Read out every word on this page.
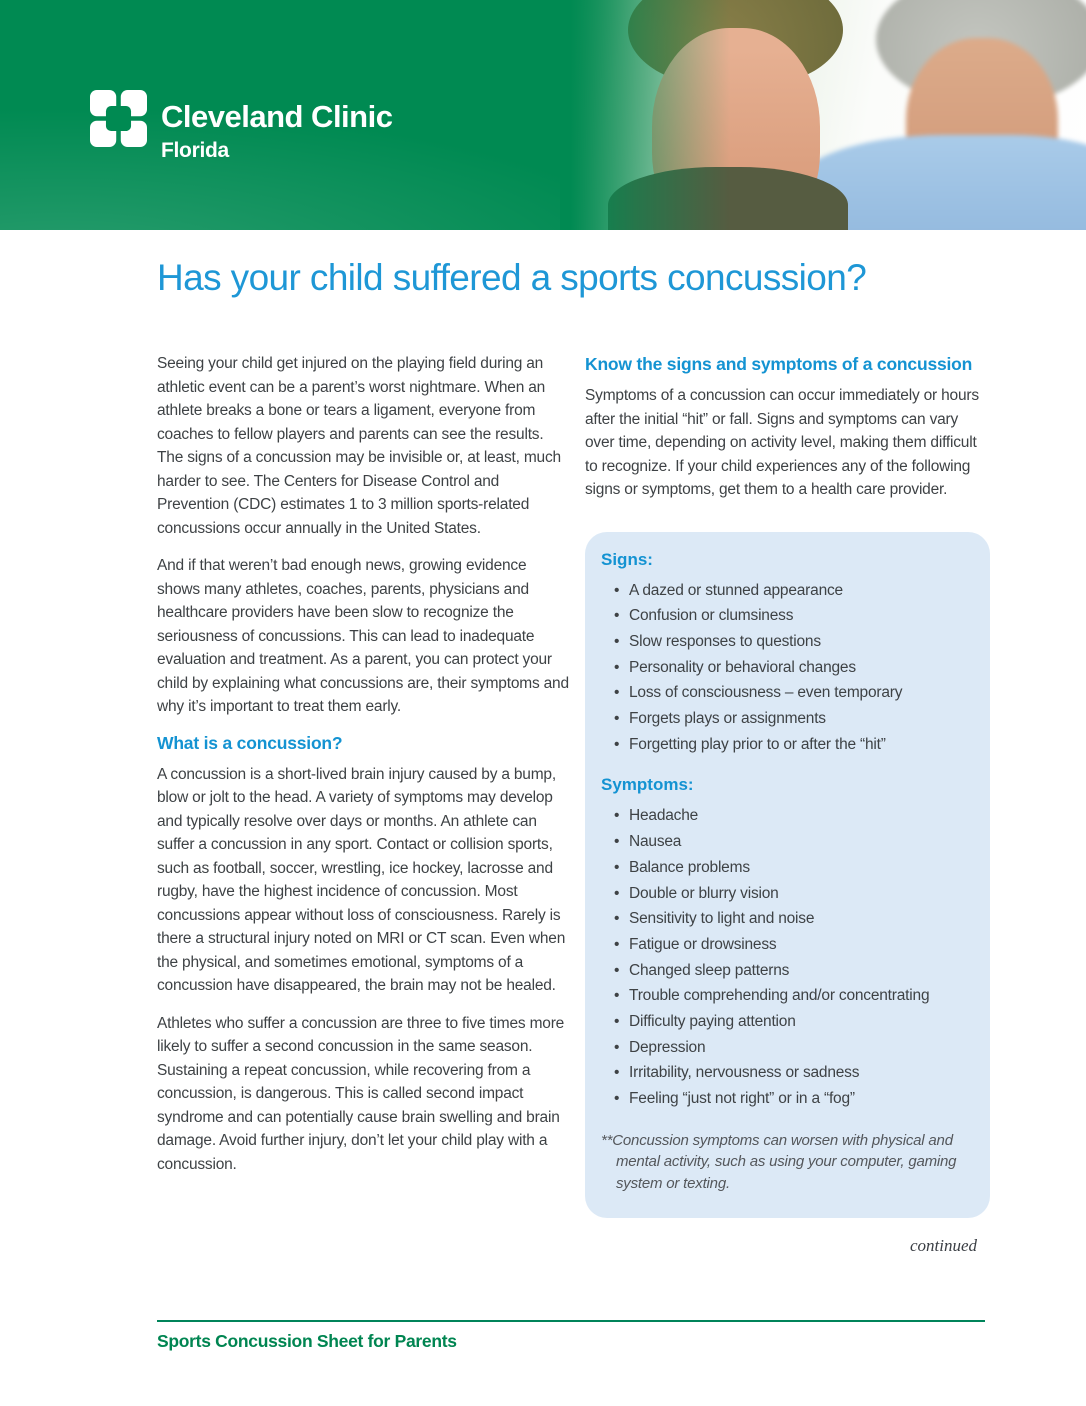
Cleveland Clinic
Florida
Has your child suffered a sports concussion?

Seeing your child get injured on the playing field during an athletic event can be a parent’s worst nightmare. When an athlete breaks a bone or tears a ligament, everyone from coaches to fellow players and parents can see the results. The signs of a concussion may be invisible or, at least, much harder to see. The Centers for Disease Control and Prevention (CDC) estimates 1 to 3 million sports-related concussions occur annually in the United States.

And if that weren’t bad enough news, growing evidence shows many athletes, coaches, parents, physicians and healthcare providers have been slow to recognize the seriousness of concussions. This can lead to inadequate evaluation and treatment. As a parent, you can protect your child by explaining what concussions are, their symptoms and why it’s important to treat them early.

What is a concussion?

A concussion is a short-lived brain injury caused by a bump, blow or jolt to the head. A variety of symptoms may develop and typically resolve over days or months. An athlete can suffer a concussion in any sport. Contact or collision sports, such as football, soccer, wrestling, ice hockey, lacrosse and rugby, have the highest incidence of concussion. Most concussions appear without loss of consciousness. Rarely is there a structural injury noted on MRI or CT scan. Even when the physical, and sometimes emotional, symptoms of a concussion have disappeared, the brain may not be healed.

Athletes who suffer a concussion are three to five times more likely to suffer a second concussion in the same season. Sustaining a repeat concussion, while recovering from a concussion, is dangerous. This is called second impact syndrome and can potentially cause brain swelling and brain damage. Avoid further injury, don’t let your child play with a concussion.

Know the signs and symptoms of a concussion

Symptoms of a concussion can occur immediately or hours after the initial “hit” or fall. Signs and symptoms can vary over time, depending on activity level, making them difficult to recognize. If your child experiences any of the following signs or symptoms, get them to a health care provider.

Signs:
• A dazed or stunned appearance
• Confusion or clumsiness
• Slow responses to questions
• Personality or behavioral changes
• Loss of consciousness – even temporary
• Forgets plays or assignments
• Forgetting play prior to or after the “hit”
Symptoms:
• Headache
• Nausea
• Balance problems
• Double or blurry vision
• Sensitivity to light and noise
• Fatigue or drowsiness
• Changed sleep patterns
• Trouble comprehending and/or concentrating
• Difficulty paying attention
• Depression
• Irritability, nervousness or sadness
• Feeling “just not right” or in a “fog”

**Concussion symptoms can worsen with physical and mental activity, such as using your computer, gaming system or texting.

continued
Sports Concussion Sheet for Parents
